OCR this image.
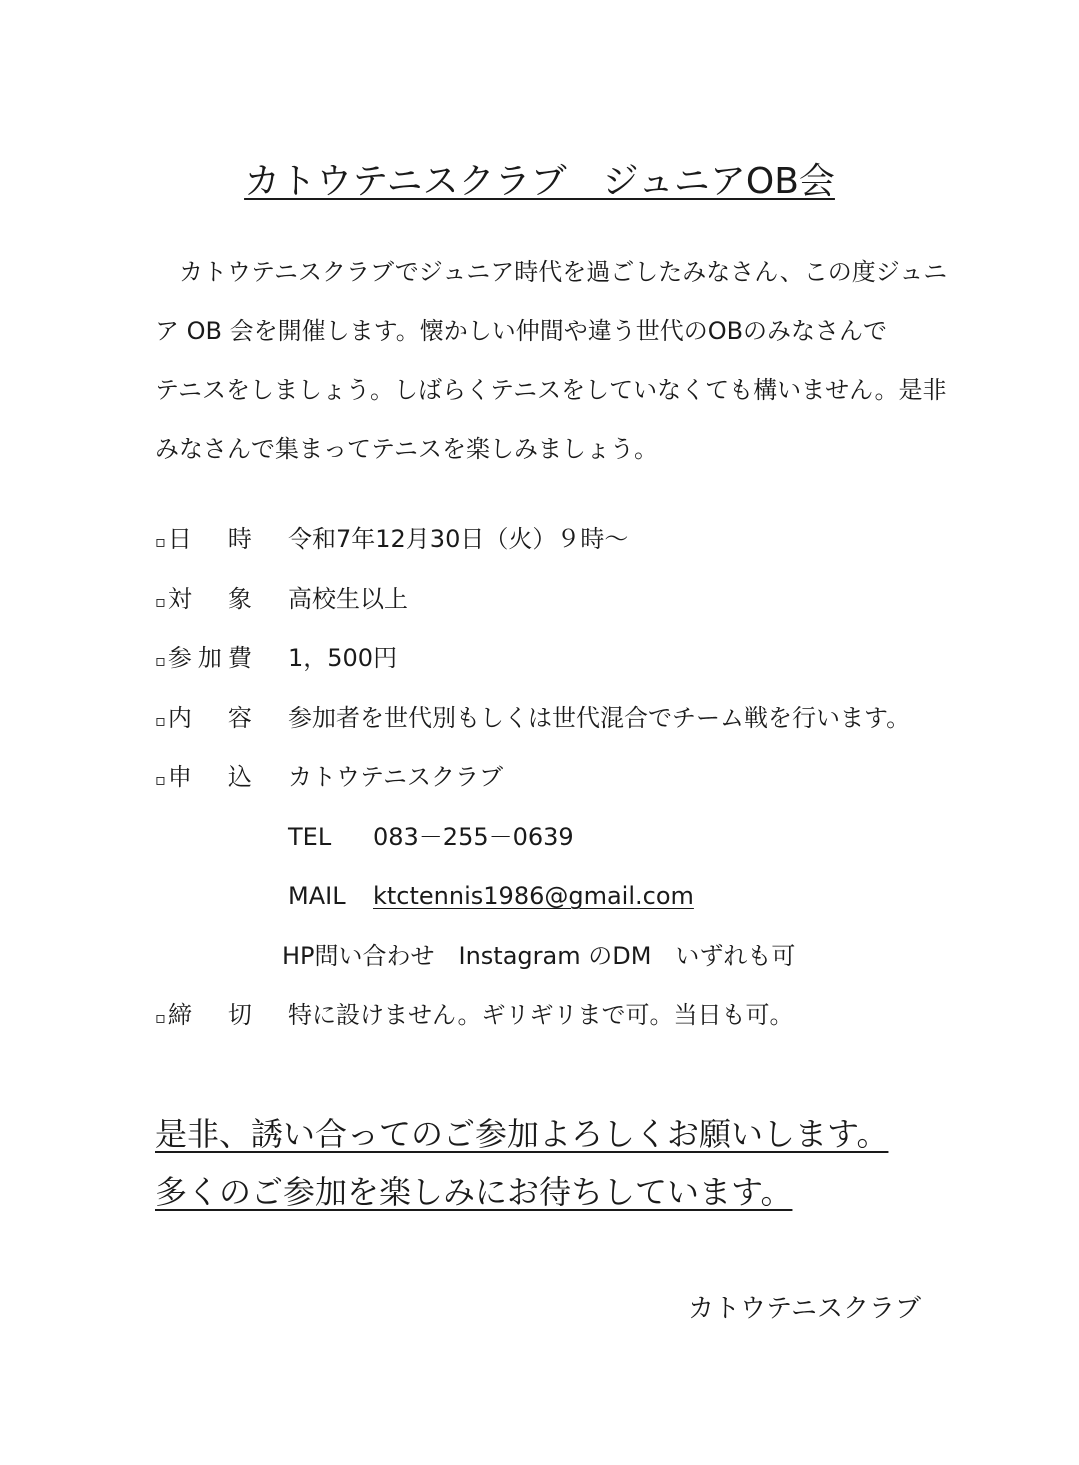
カトウテニスクラブ　ジュニアOB会
　カトウテニスクラブでジュニア時代を過ごしたみなさん、この度ジュニ
ア OB 会を開催します。懐かしい仲間や違う世代のOBのみなさんで
テニスをしましょう。しばらくテニスをしていなくても構いません。是非
みなさんで集まってテニスを楽しみましょう。
▫日　時 令和7年12月30日（火）９時～
▫対　象 高校生以上
▫参加費 1，500円
▫内　容 参加者を世代別もしくは世代混合でチーム戦を行います。
▫申　込 カトウテニスクラブ
TEL 083－255－0639
MAIL ktctennis1986@gmail.com
HP問い合わせ　Instagram のDM　いずれも可
▫締　切 特に設けません。ギリギリまで可。当日も可。
是非、誘い合ってのご参加よろしくお願いします。
多くのご参加を楽しみにお待ちしています。
カトウテニスクラブ
